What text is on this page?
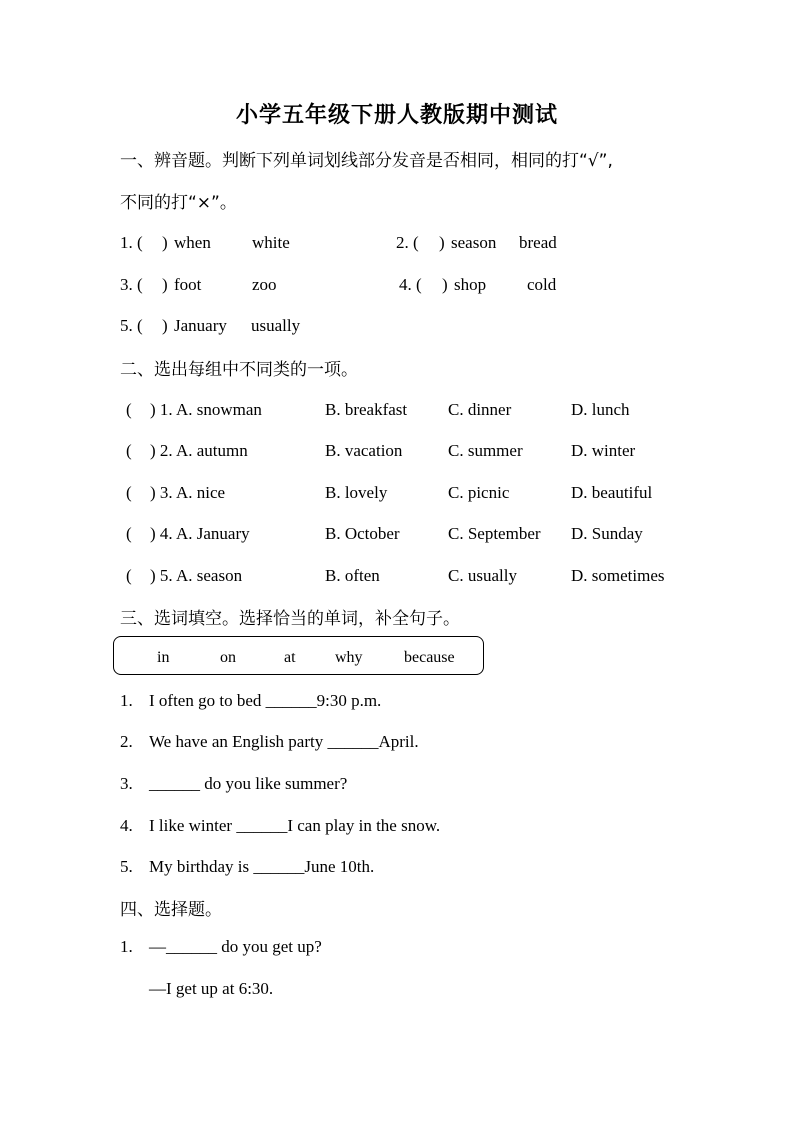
小学五年级下册人教版期中测试
一、辨音题。判断下列单词划线部分发音是否相同，相同的打“√”,
不同的打“×”。
1. ( ) when white	2. ( ) season bread
3. ( ) foot	zoo	4. ( ) shop cold
5. ( ) January usually
二、选出每组中不同类的一项。
( ) 1. A. snowman	B. breakfast C. dinner	D. lunch
( ) 2. A. autumn	B. vacation	C. summer	D. winter
( ) 3. A. nice	B. lovely	C. picnic	D. beautiful
( ) 4. A. January	B. October	C. September D. Sunday
( ) 5. A. season	B. often	C. usually	D. sometimes
三、选词填空。选择恰当的单词，补全句子。
in	on	at why	because
1. I often go to bed ______9:30 p.m.
2. We have an English party ______April.
3. ______ do you like summer?
4. I like winter ______I can play in the snow.
5. My birthday is ______June 10th.
四、选择题。
1. —______ do you get up?
—I get up at 6:30.
